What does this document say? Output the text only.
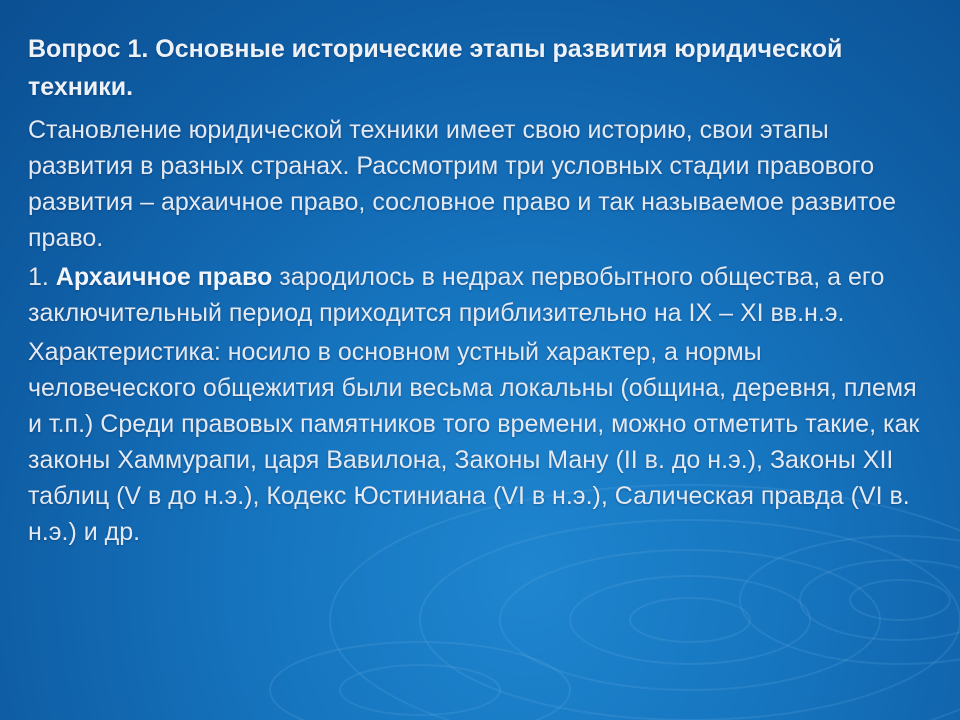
Вопрос 1. Основные исторические этапы развития юридической техники.
Становление юридической техники имеет свою историю, свои этапы развития в разных странах. Рассмотрим три условных стадии правового развития – архаичное право, сословное право и так называемое развитое право.
1. Архаичное право зародилось в недрах первобытного общества, а его заключительный период приходится приблизительно на IX – XI вв.н.э.
Характеристика: носило в основном устный характер, а нормы человеческого общежития были весьма локальны (община, деревня, племя и т.п.) Среди правовых памятников того времени, можно отметить такие, как законы Хаммурапи, царя Вавилона, Законы Ману (II в. до н.э.), Законы XII таблиц (V в до н.э.), Кодекс Юстиниана (VI в н.э.), Салическая правда (VI в. н.э.) и др.
